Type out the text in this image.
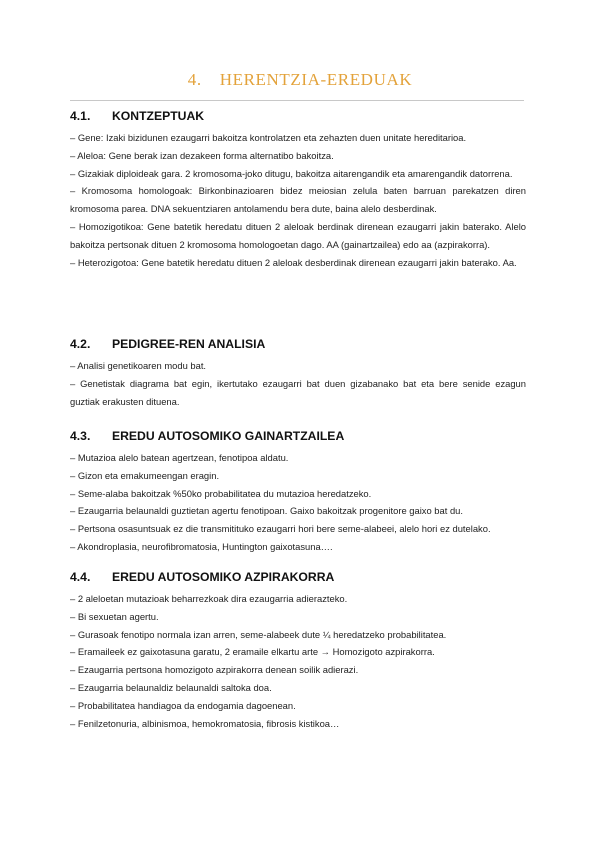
4. HERENTZIA-EREDUAK
4.1.	KONTZEPTUAK

– Gene: Izaki bizidunen ezaugarri bakoitza kontrolatzen eta zehazten duen unitate hereditarioa.

– Aleloa: Gene berak izan dezakeen forma alternatibo bakoitza.

– Gizakiak diploideak gara. 2 kromosoma-joko ditugu, bakoitza aitarengandik eta amarengandik datorrena.

– Kromosoma homologoak: Birkonbinazioaren bidez meiosian zelula baten barruan parekatzen diren kromosoma parea. DNA sekuentziaren antolamendu bera dute, baina alelo desberdinak.

– Homozigotikoa: Gene batetik heredatu dituen 2 aleloak berdinak direnean ezaugarri jakin baterako. Alelo bakoitza pertsonak dituen 2 kromosoma homologoetan dago. AA (gainartzailea) edo aa (azpirakorra).

– Heterozigotoa: Gene batetik heredatu dituen 2 aleloak desberdinak direnean ezaugarri jakin baterako. Aa.

4.2.	PEDIGREE-REN ANALISIA

– Analisi genetikoaren modu bat.

– Genetistak diagrama bat egin, ikertutako ezaugarri bat duen gizabanako bat eta bere senide ezagun guztiak erakusten dituena.

4.3.	EREDU AUTOSOMIKO GAINARTZAILEA

– Mutazioa alelo batean agertzean, fenotipoa aldatu.

– Gizon eta emakumeengan eragin.

– Seme-alaba bakoitzak %50ko probabilitatea du mutazioa heredatzeko.

– Ezaugarria belaunaldi guztietan agertu fenotipoan. Gaixo bakoitzak progenitore gaixo bat du.

– Pertsona osasuntsuak ez die transmitituko ezaugarri hori bere seme-alabeei, alelo hori ez dutelako.

– Akondroplasia, neurofibromatosia, Huntington gaixotasuna….

4.4.	EREDU AUTOSOMIKO AZPIRAKORRA

– 2 aleloetan mutazioak beharrezkoak dira ezaugarria adierazteko.

– Bi sexuetan agertu.

– Gurasoak fenotipo normala izan arren, seme-alabeek dute ¼ heredatzeko probabilitatea.

– Eramaileek ez gaixotasuna garatu, 2 eramaile elkartu arte → Homozigoto azpirakorra.

– Ezaugarria pertsona homozigoto azpirakorra denean soilik adierazi.

– Ezaugarria belaunaldiz belaunaldi saltoka doa.

– Probabilitatea handiagoa da endogamia dagoenean.

– Fenilzetonuria, albinismoa, hemokromatosia, fibrosis kistikoa…
